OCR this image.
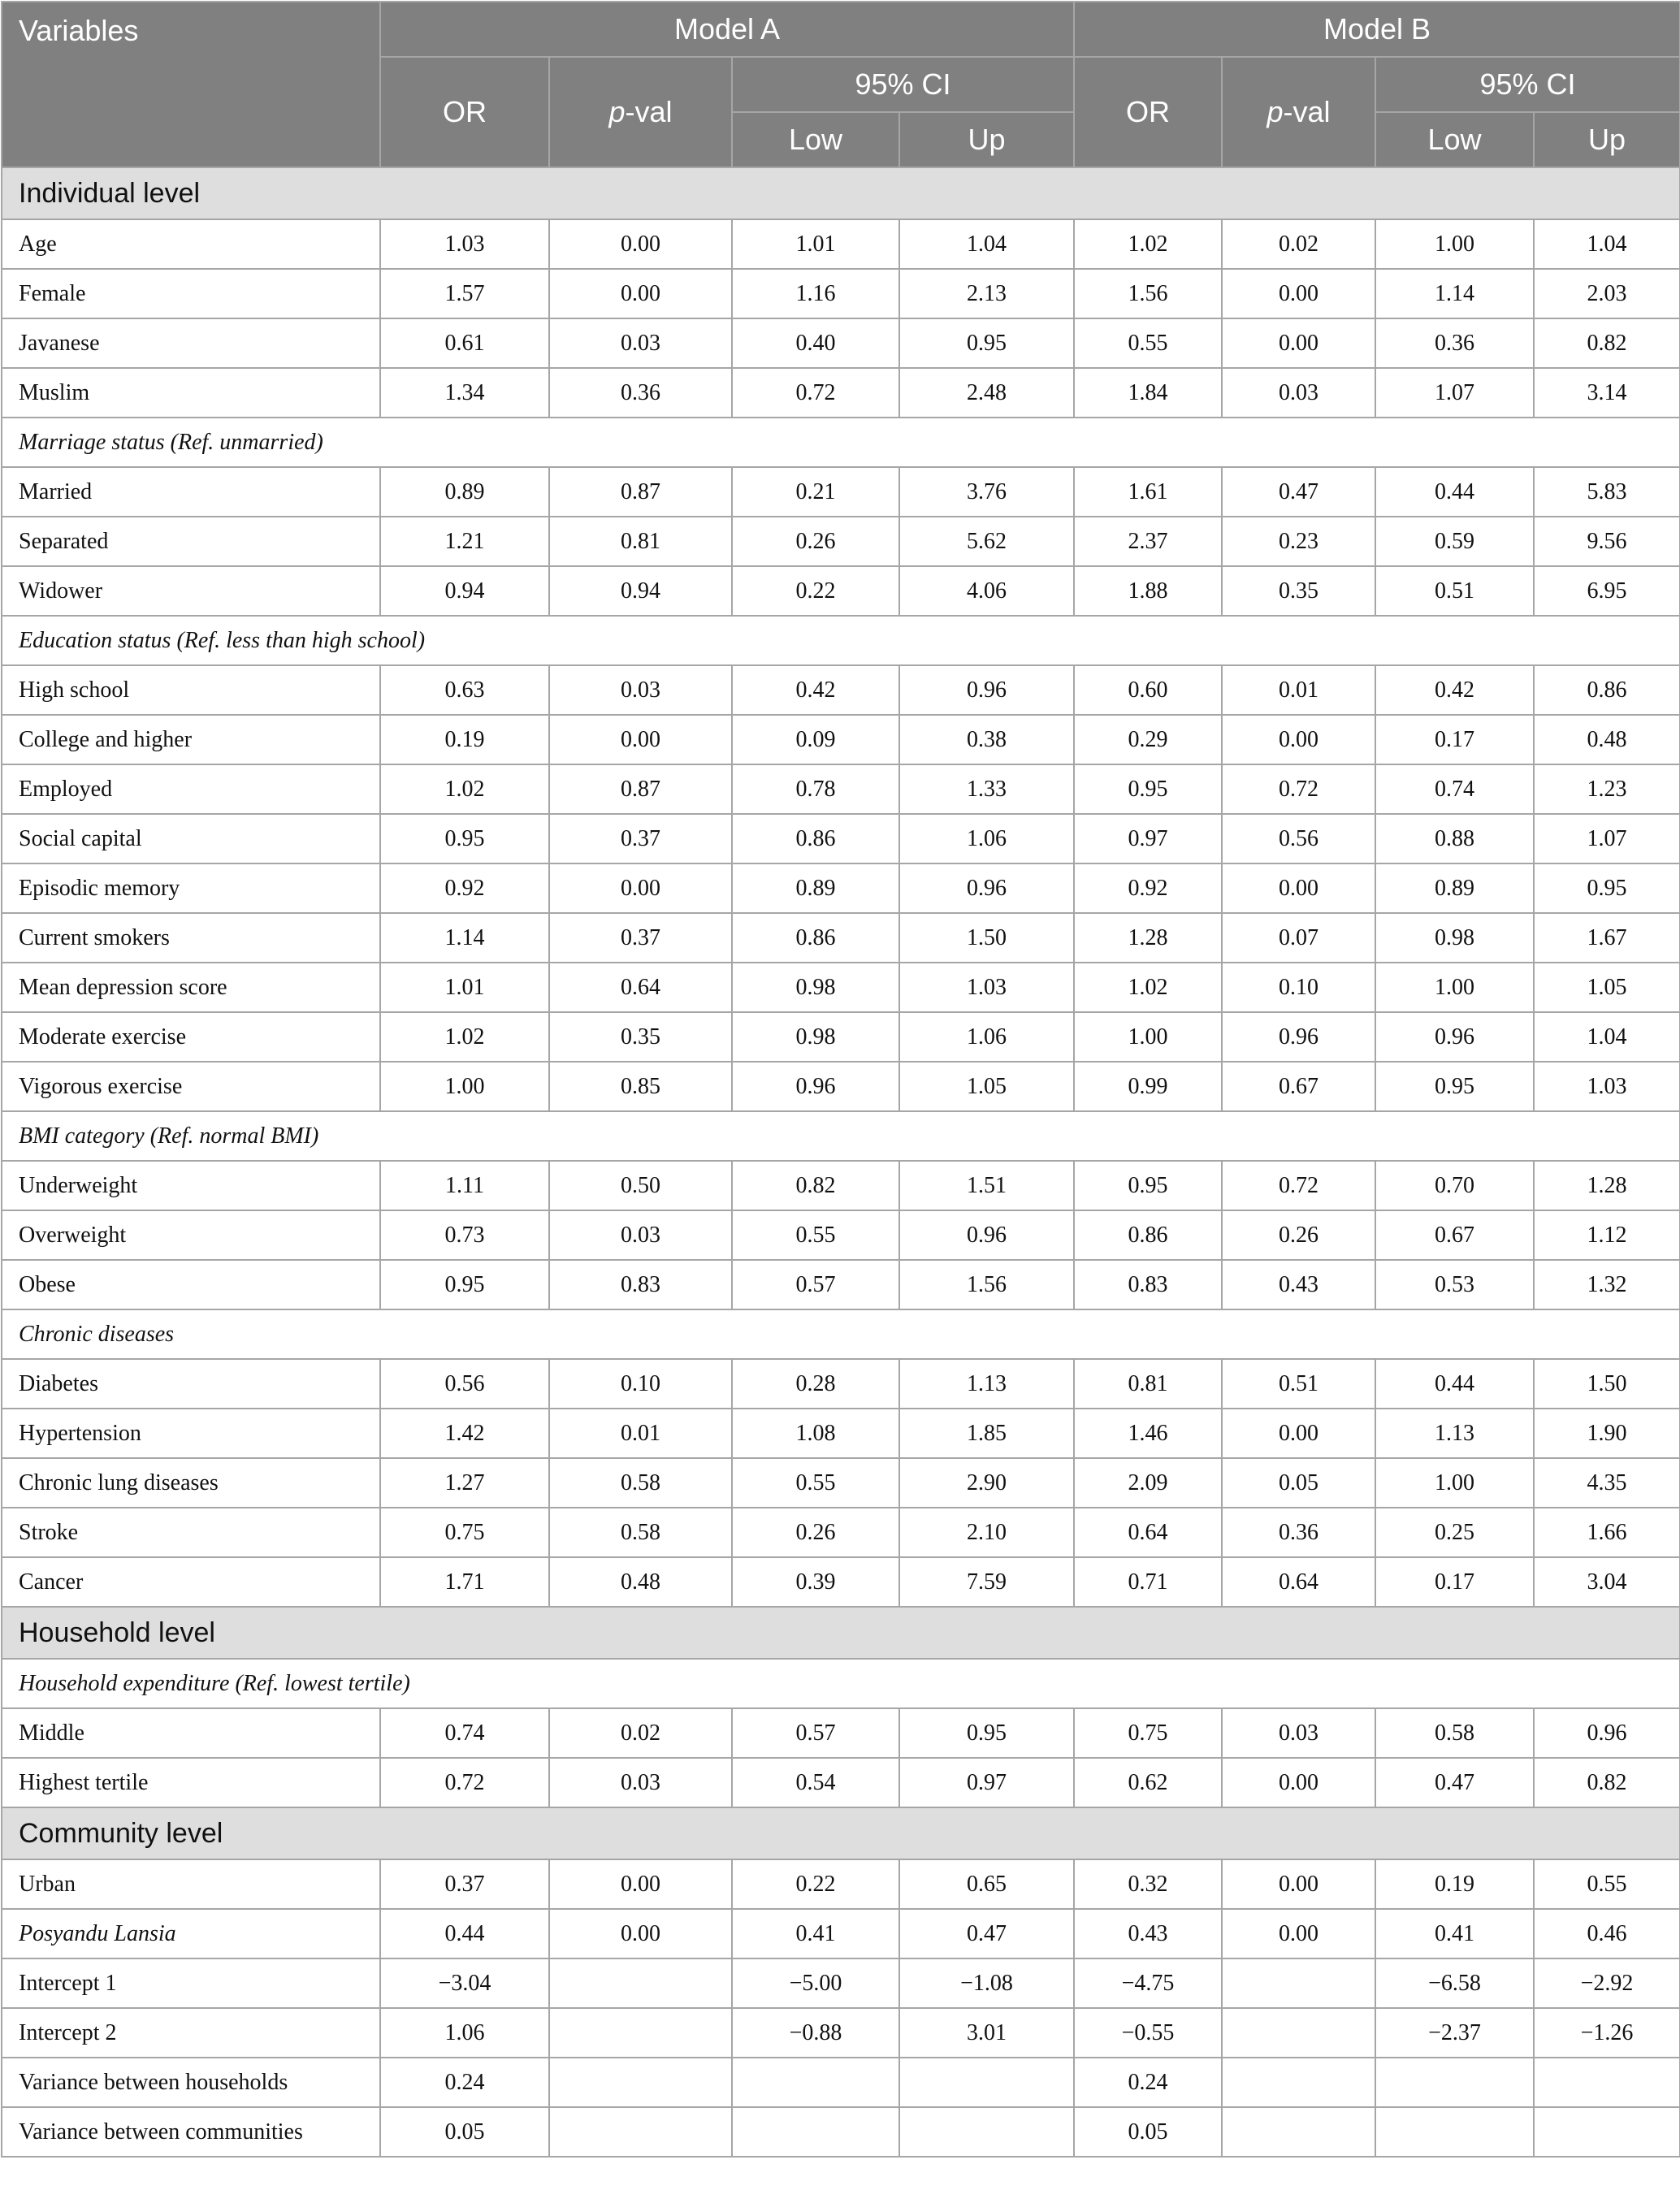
Variables	Model A				Model B			
	OR	p-val	95% CI		OR	p-val	95% CI	
			Low	Up			Low	Up
Individual level								
Age	1.03	0.00	1.01	1.04	1.02	0.02	1.00	1.04
Female	1.57	0.00	1.16	2.13	1.56	0.00	1.14	2.03
Javanese	0.61	0.03	0.40	0.95	0.55	0.00	0.36	0.82
Muslim	1.34	0.36	0.72	2.48	1.84	0.03	1.07	3.14
Marriage status (Ref. unmarried)								
Married	0.89	0.87	0.21	3.76	1.61	0.47	0.44	5.83
Separated	1.21	0.81	0.26	5.62	2.37	0.23	0.59	9.56
Widower	0.94	0.94	0.22	4.06	1.88	0.35	0.51	6.95
Education status (Ref. less than high school)								
High school	0.63	0.03	0.42	0.96	0.60	0.01	0.42	0.86
College and higher	0.19	0.00	0.09	0.38	0.29	0.00	0.17	0.48
Employed	1.02	0.87	0.78	1.33	0.95	0.72	0.74	1.23
Social capital	0.95	0.37	0.86	1.06	0.97	0.56	0.88	1.07
Episodic memory	0.92	0.00	0.89	0.96	0.92	0.00	0.89	0.95
Current smokers	1.14	0.37	0.86	1.50	1.28	0.07	0.98	1.67
Mean depression score	1.01	0.64	0.98	1.03	1.02	0.10	1.00	1.05
Moderate exercise	1.02	0.35	0.98	1.06	1.00	0.96	0.96	1.04
Vigorous exercise	1.00	0.85	0.96	1.05	0.99	0.67	0.95	1.03
BMI category (Ref. normal BMI)								
Underweight	1.11	0.50	0.82	1.51	0.95	0.72	0.70	1.28
Overweight	0.73	0.03	0.55	0.96	0.86	0.26	0.67	1.12
Obese	0.95	0.83	0.57	1.56	0.83	0.43	0.53	1.32
Chronic diseases								
Diabetes	0.56	0.10	0.28	1.13	0.81	0.51	0.44	1.50
Hypertension	1.42	0.01	1.08	1.85	1.46	0.00	1.13	1.90
Chronic lung diseases	1.27	0.58	0.55	2.90	2.09	0.05	1.00	4.35
Stroke	0.75	0.58	0.26	2.10	0.64	0.36	0.25	1.66
Cancer	1.71	0.48	0.39	7.59	0.71	0.64	0.17	3.04
Household level								
Household expenditure (Ref. lowest tertile)								
Middle	0.74	0.02	0.57	0.95	0.75	0.03	0.58	0.96
Highest tertile	0.72	0.03	0.54	0.97	0.62	0.00	0.47	0.82
Community level								
Urban	0.37	0.00	0.22	0.65	0.32	0.00	0.19	0.55
Posyandu Lansia	0.44	0.00	0.41	0.47	0.43	0.00	0.41	0.46
Intercept 1	−3.04		−5.00	−1.08	−4.75		−6.58	−2.92
Intercept 2	1.06		−0.88	3.01	−0.55		−2.37	−1.26
Variance between households	0.24				0.24			
Variance between communities	0.05				0.05			
